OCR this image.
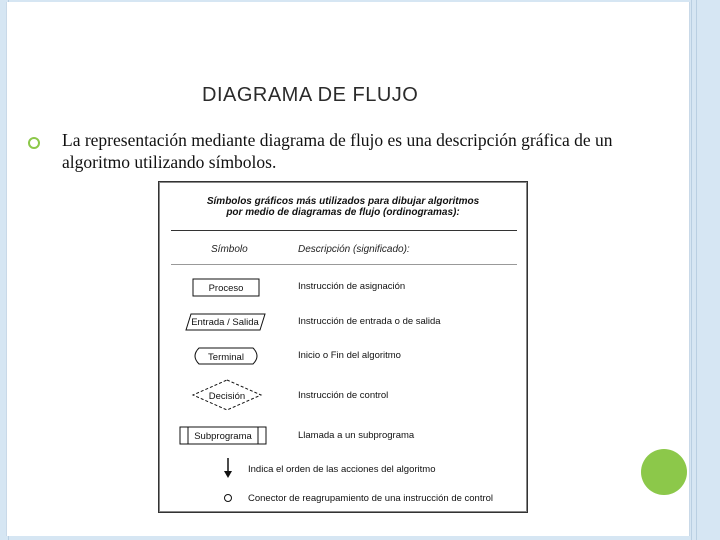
DIAGRAMA DE FLUJO
La representación mediante diagrama de flujo es una descripción gráfica de un algoritmo utilizando símbolos.
Símbolos gráficos más utilizados para dibujar algoritmos
por medio de diagramas de flujo (ordinogramas):
Símbolo	Descripción (significado):
Proceso
Entrada / Salida
Terminal
Decisión
Subprograma
Instrucción de asignación
Instrucción de entrada o de salida
Inicio o Fin del algoritmo
Instrucción de control
Llamada a un subprograma
Indica el orden de las acciones del algoritmo
Conector de reagrupamiento de una instrucción de control
